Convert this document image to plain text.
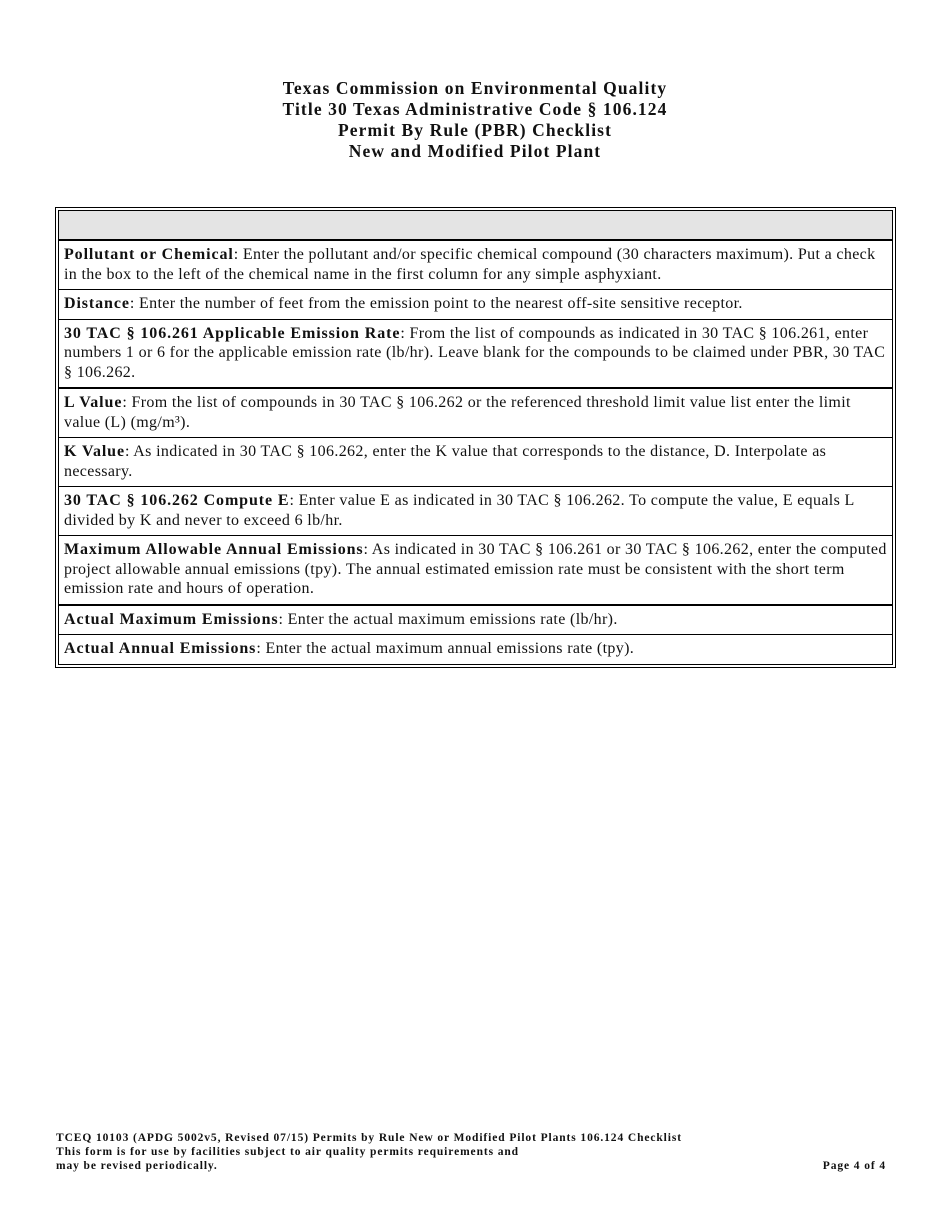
Texas Commission on Environmental Quality
Title 30 Texas Administrative Code § 106.124
Permit By Rule (PBR) Checklist
New and Modified Pilot Plant
Pollutant or Chemical: Enter the pollutant and/or specific chemical compound (30 characters maximum). Put a check in the box to the left of the chemical name in the first column for any simple asphyxiant.
Distance: Enter the number of feet from the emission point to the nearest off-site sensitive receptor.
30 TAC § 106.261 Applicable Emission Rate: From the list of compounds as indicated in 30 TAC § 106.261, enter numbers 1 or 6 for the applicable emission rate (lb/hr). Leave blank for the compounds to be claimed under PBR, 30 TAC § 106.262.
L Value: From the list of compounds in 30 TAC § 106.262 or the referenced threshold limit value list enter the limit value (L) (mg/m³).
K Value: As indicated in 30 TAC § 106.262, enter the K value that corresponds to the distance, D. Interpolate as necessary.
30 TAC § 106.262 Compute E: Enter value E as indicated in 30 TAC § 106.262. To compute the value, E equals L divided by K and never to exceed 6 lb/hr.
Maximum Allowable Annual Emissions: As indicated in 30 TAC § 106.261 or 30 TAC § 106.262, enter the computed project allowable annual emissions (tpy). The annual estimated emission rate must be consistent with the short term emission rate and hours of operation.
Actual Maximum Emissions: Enter the actual maximum emissions rate (lb/hr).
Actual Annual Emissions: Enter the actual maximum annual emissions rate (tpy).
TCEQ 10103 (APDG 5002v5, Revised 07/15) Permits by Rule New or Modified Pilot Plants 106.124 Checklist
This form is for use by facilities subject to air quality permits requirements and
may be revised periodically.	Page 4 of 4
